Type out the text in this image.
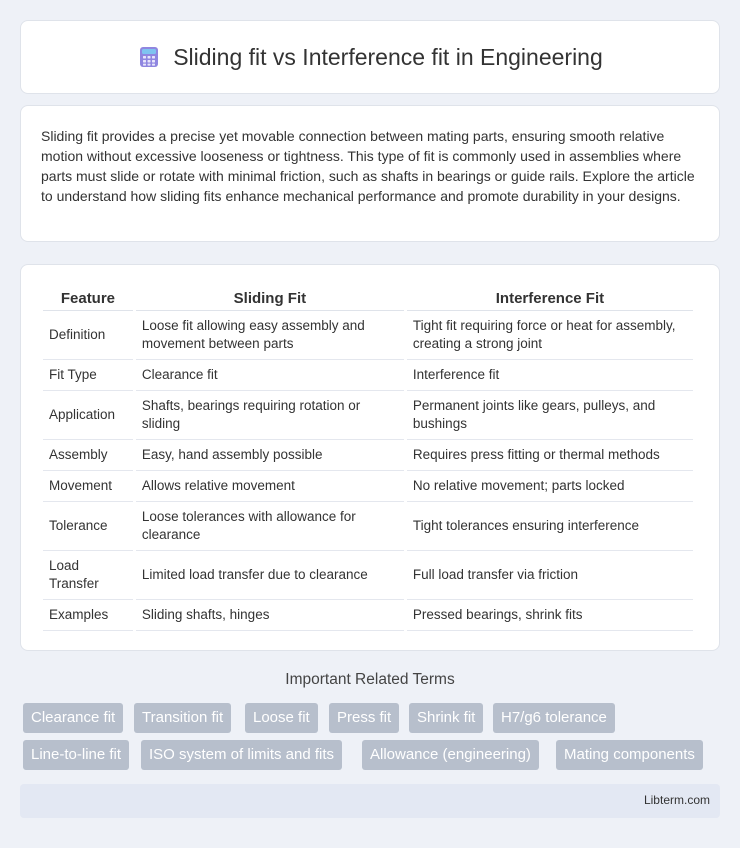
Sliding fit vs Interference fit in Engineering

Sliding fit provides a precise yet movable connection between mating parts, ensuring smooth relative motion without excessive looseness or tightness. This type of fit is commonly used in assemblies where parts must slide or rotate with minimal friction, such as shafts in bearings or guide rails. Explore the article to understand how sliding fits enhance mechanical performance and promote durability in your designs.

Feature	Sliding Fit	Interference Fit
Definition	Loose fit allowing easy assembly and movement between parts	Tight fit requiring force or heat for assembly, creating a strong joint
Fit Type	Clearance fit	Interference fit
Application	Shafts, bearings requiring rotation or sliding	Permanent joints like gears, pulleys, and bushings
Assembly	Easy, hand assembly possible	Requires press fitting or thermal methods
Movement	Allows relative movement	No relative movement; parts locked
Tolerance	Loose tolerances with allowance for clearance	Tight tolerances ensuring interference
Load Transfer	Limited load transfer due to clearance	Full load transfer via friction
Examples	Sliding shafts, hinges	Pressed bearings, shrink fits
Important Related Terms
Clearance fit	Transition fit	Loose fit	Press fit	Shrink fit	H7/g6 tolerance
Line-to-line fit	ISO system of limits and fits	Allowance (engineering)	Mating components
Libterm.com
